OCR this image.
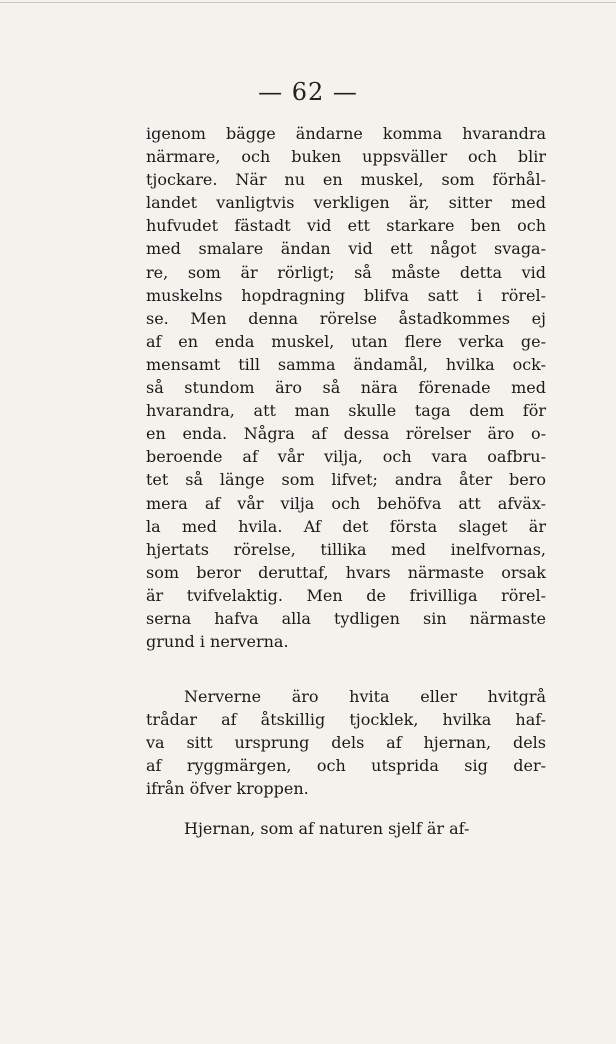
— 62 —
igenom bägge ändarne komma hvarandra
närmare, och buken uppsväller och blir
tjockare. När nu en muskel, som förhål-
landet vanligtvis verkligen är, sitter med
hufvudet fästadt vid ett starkare ben och
med smalare ändan vid ett något svaga-
re, som är rörligt; så måste detta vid
muskelns hopdragning blifva satt i rörel-
se. Men denna rörelse åstadkommes ej
af en enda muskel, utan flere verka ge-
mensamt till samma ändamål, hvilka ock-
så stundom äro så nära förenade med
hvarandra, att man skulle taga dem för
en enda. Några af dessa rörelser äro o-
beroende af vår vilja, och vara oafbru-
tet så länge som lifvet; andra åter bero
mera af vår vilja och behöfva att afväx-
la med hvila. Af det första slaget är
hjertats rörelse, tillika med inelfvornas,
som beror deruttaf, hvars närmaste orsak
är tvifvelaktig. Men de frivilliga rörel-
serna hafva alla tydligen sin närmaste
grund i nerverna.
Nerverne äro hvita eller hvitgrå
trådar af åtskillig tjocklek, hvilka haf-
va sitt ursprung dels af hjernan, dels
af ryggmärgen, och utsprida sig der-
ifrån öfver kroppen.
Hjernan, som af naturen sjelf är af-
